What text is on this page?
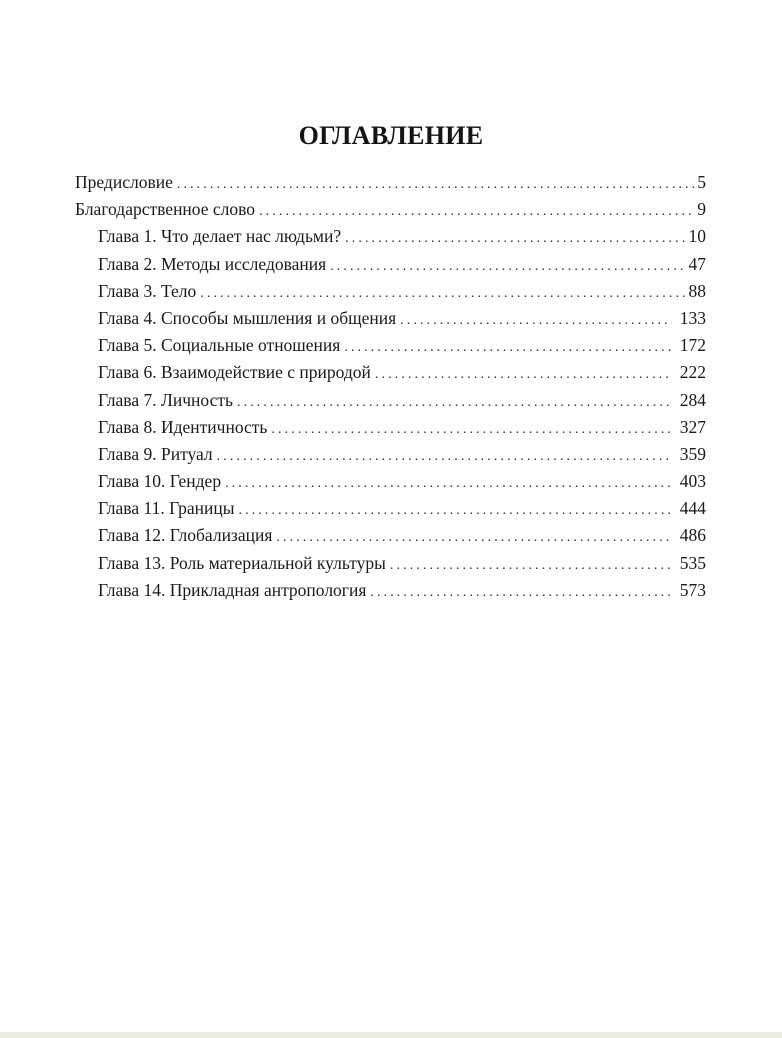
ОГЛАВЛЕНИЕ
Предисловие .....	5
Благодарственное слово .....	9
Глава 1. Что делает нас людьми? .....	10
Глава 2. Методы исследования .....	47
Глава 3. Тело .....	88
Глава 4. Способы мышления и общения .....	133
Глава 5. Социальные отношения .....	172
Глава 6. Взаимодействие с природой .....	222
Глава 7. Личность .....	284
Глава 8. Идентичность .....	327
Глава 9. Ритуал .....	359
Глава 10. Гендер .....	403
Глава 11. Границы .....	444
Глава 12. Глобализация .....	486
Глава 13. Роль материальной культуры .....	535
Глава 14. Прикладная антропология .....	573
